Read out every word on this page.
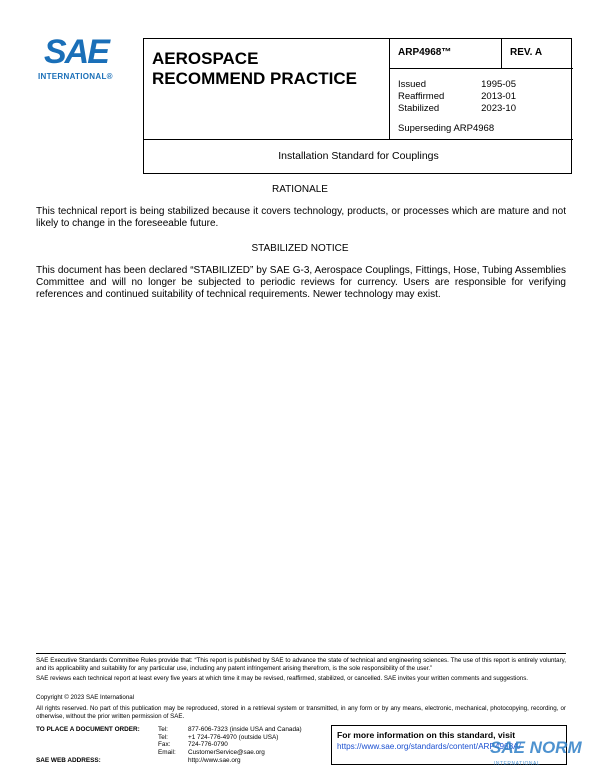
SAE
INTERNATIONAL®
AEROSPACE
RECOMMEND PRACTICE
ARP4968™	REV. A
Issued	1995-05
Reaffirmed	2013-01
Stabilized	2023-10
Superseding ARP4968
Installation Standard for Couplings
RATIONALE
This technical report is being stabilized because it covers technology, products, or processes which are mature and not likely to change in the foreseeable future.
STABILIZED NOTICE
This document has been declared “STABILIZED” by SAE G-3, Aerospace Couplings, Fittings, Hose, Tubing Assemblies Committee and will no longer be subjected to periodic reviews for currency. Users are responsible for verifying references and continued suitability of technical requirements. Newer technology may exist.
SAE Executive Standards Committee Rules provide that: “This report is published by SAE to advance the state of technical and engineering sciences. The use of this report is entirely voluntary, and its applicability and suitability for any particular use, including any patent infringement arising therefrom, is the sole responsibility of the user.”
SAE reviews each technical report at least every five years at which time it may be revised, reaffirmed, stabilized, or cancelled. SAE invites your written comments and suggestions.
Copyright © 2023 SAE International
All rights reserved. No part of this publication may be reproduced, stored in a retrieval system or transmitted, in any form or by any means, electronic, mechanical, photocopying, recording, or otherwise, without the prior written permission of SAE.
TO PLACE A DOCUMENT ORDER:	Tel:	877-606-7323 (inside USA and Canada)
Tel:	+1 724-776-4970 (outside USA)
Fax:	724-776-0790
Email:	CustomerService@sae.org
SAE WEB ADDRESS:	http://www.sae.org
For more information on this standard, visit
https://www.sae.org/standards/content/ARP4968A/
SAE NORM
INTERNATIONAL
